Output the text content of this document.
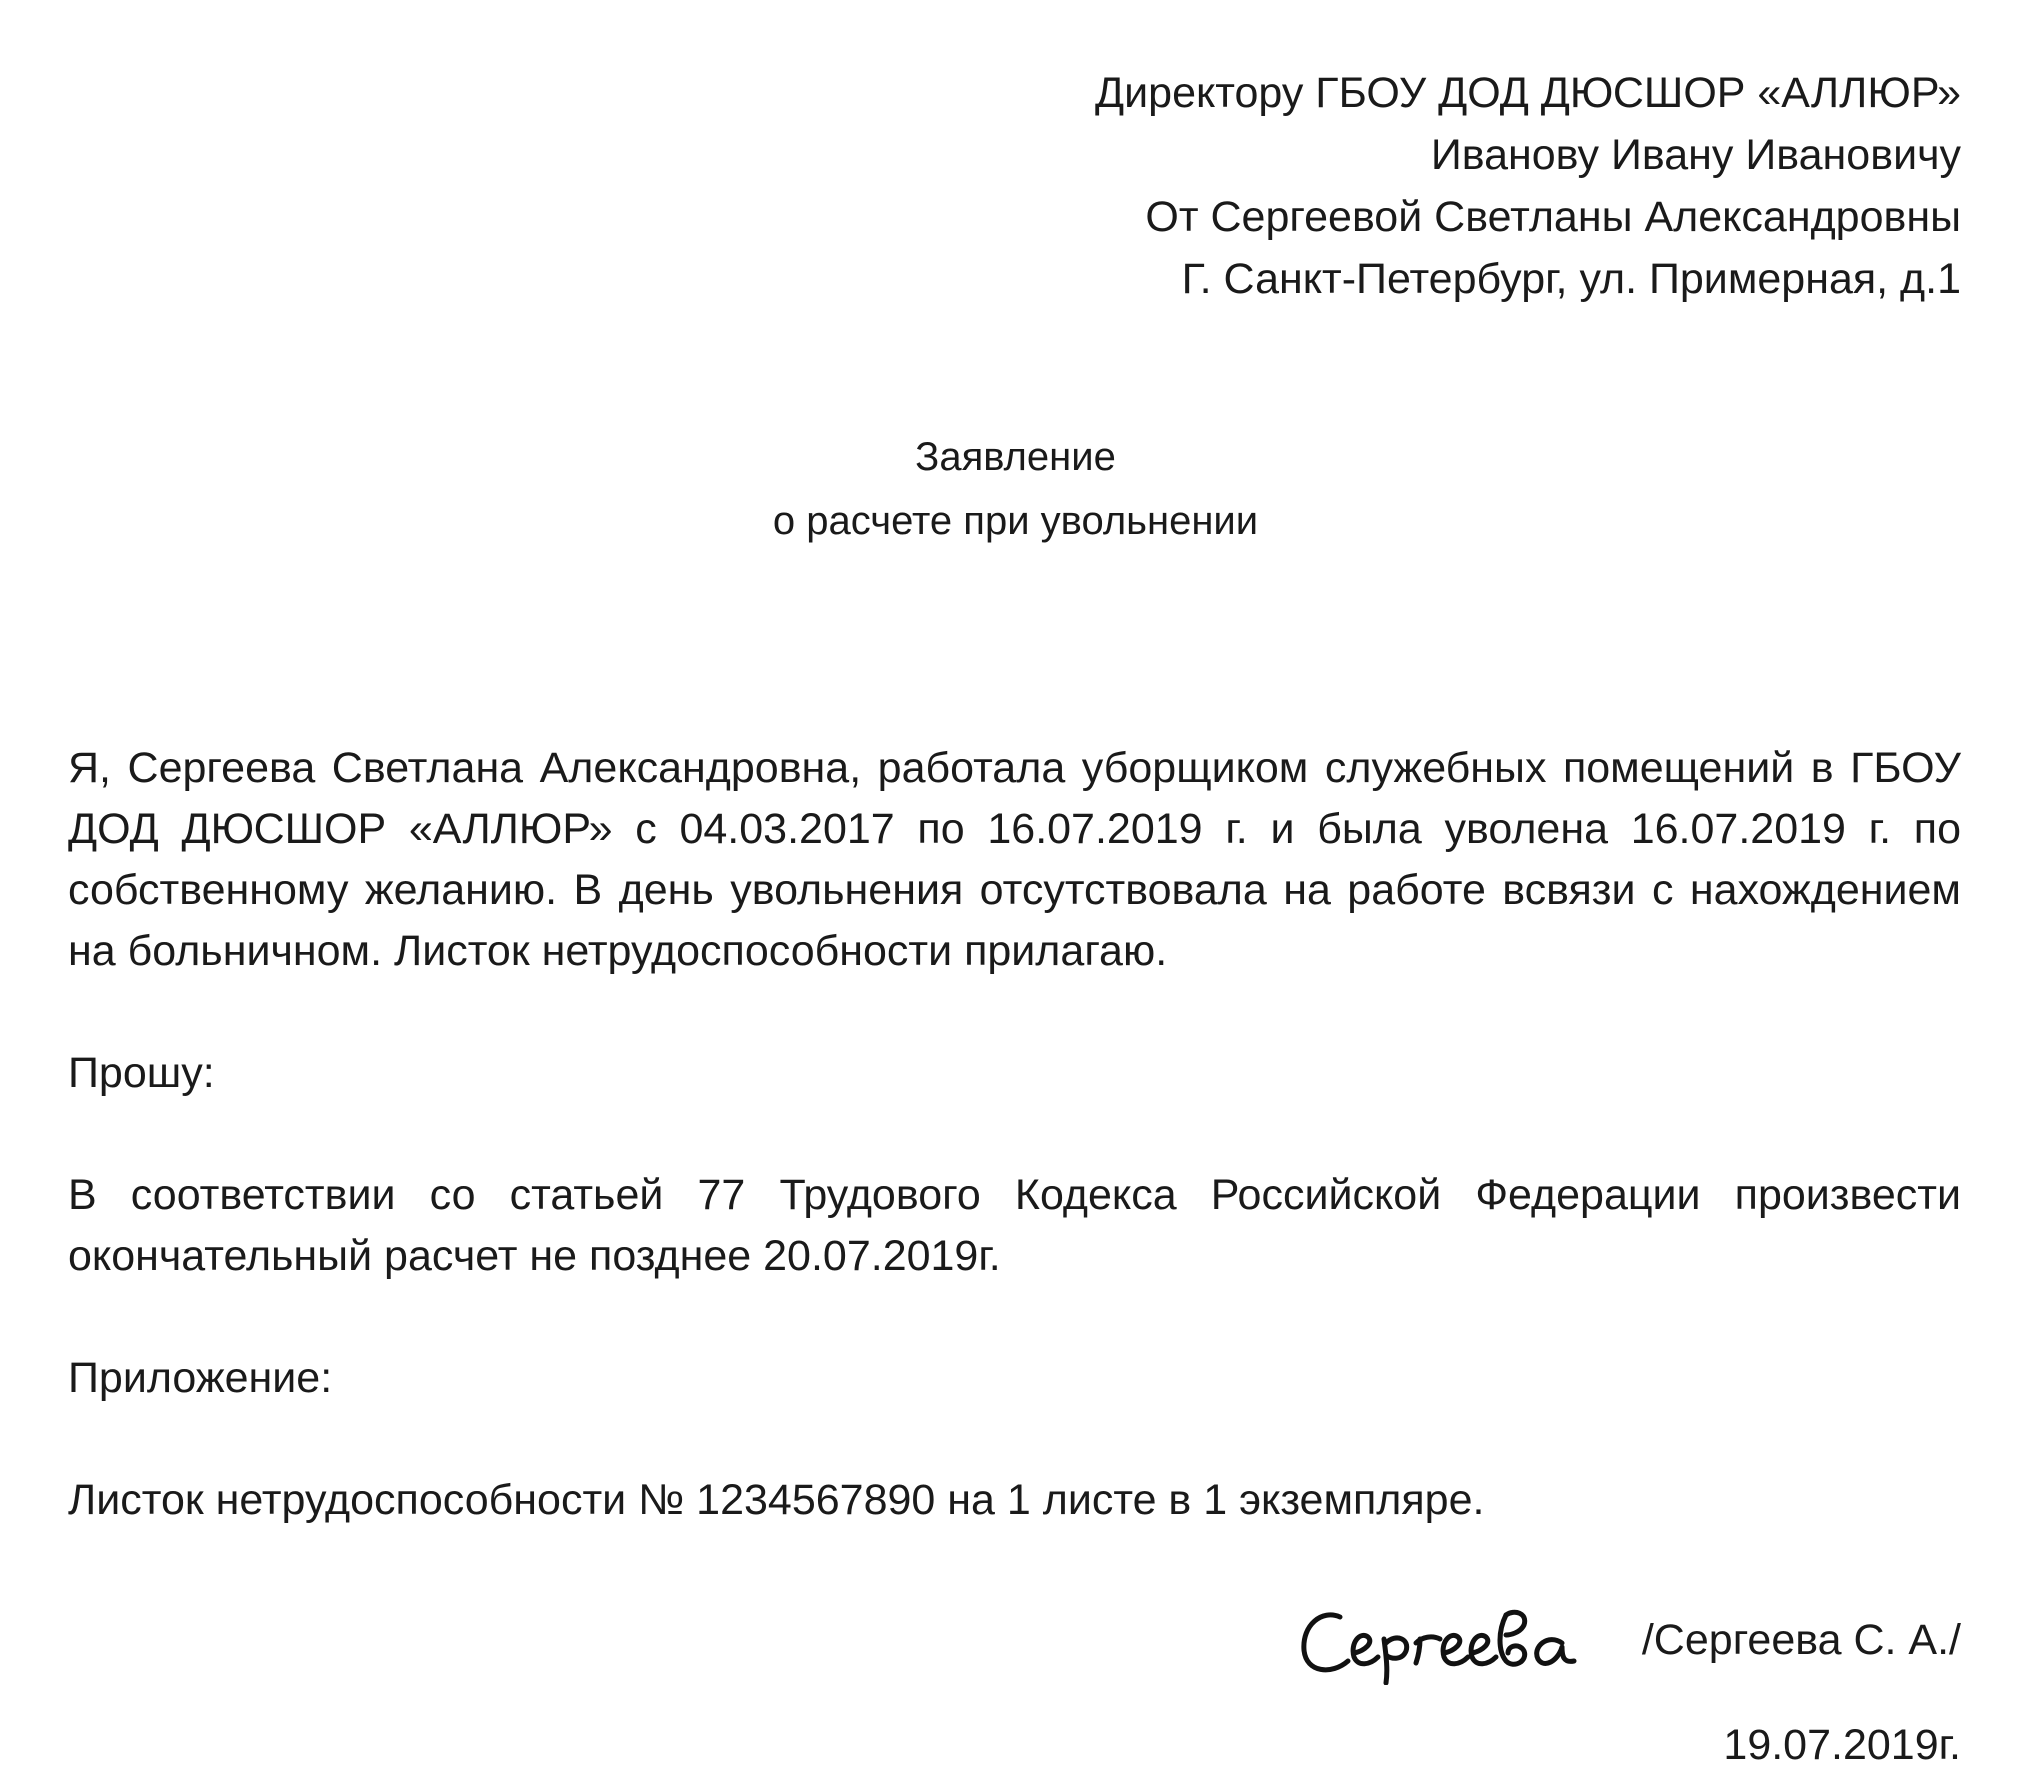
Директору ГБОУ ДОД ДЮСШОР «АЛЛЮР»
Иванову Ивану Ивановичу
От Сергеевой Светланы Александровны
Г. Санкт-Петербург, ул. Примерная, д.1
Заявление
о расчете при увольнении

Я, Сергеева Светлана Александровна, работала уборщиком служебных помещений в ГБОУ ДОД ДЮСШОР «АЛЛЮР» с 04.03.2017 по 16.07.2019 г. и была уволена 16.07.2019 г. по собственному желанию. В день увольнения отсутствовала на работе всвязи с нахождением на больничном. Листок нетрудоспособности прилагаю.

Прошу:

В соответствии со статьей 77 Трудового Кодекса Российской Федерации произвести окончательный расчет не позднее 20.07.2019г.

Приложение:

Листок нетрудоспособности № 1234567890 на 1 листе в 1 экземпляре.

/Сергеева С. А./
19.07.2019г.
